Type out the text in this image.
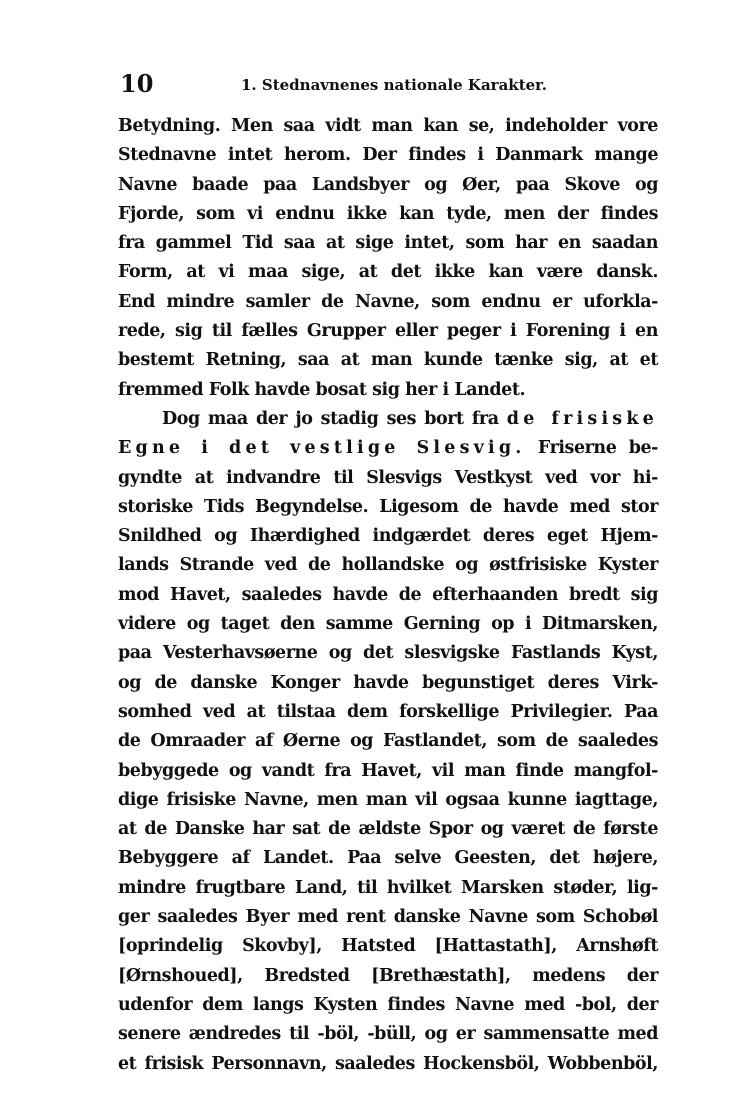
10	1. Stednavnenes nationale Karakter.
Betydning. Men saa vidt man kan se, indeholder vore
Stednavne intet herom. Der findes i Danmark mange
Navne baade paa Landsbyer og Øer, paa Skove og
Fjorde, som vi endnu ikke kan tyde, men der findes
fra gammel Tid saa at sige intet, som har en saadan
Form, at vi maa sige, at det ikke kan være dansk.
End mindre samler de Navne, som endnu er uforkla-
rede, sig til fælles Grupper eller peger i Forening i en
bestemt Retning, saa at man kunde tænke sig, at et
fremmed Folk havde bosat sig her i Landet.
Dog maa der jo stadig ses bort fra de frisiske
Egne i det vestlige Slesvig. Friserne be-
gyndte at indvandre til Slesvigs Vestkyst ved vor hi-
storiske Tids Begyndelse. Ligesom de havde med stor
Snildhed og Ihærdighed indgærdet deres eget Hjem-
lands Strande ved de hollandske og østfrisiske Kyster
mod Havet, saaledes havde de efterhaanden bredt sig
videre og taget den samme Gerning op i Ditmarsken,
paa Vesterhavsøerne og det slesvigske Fastlands Kyst,
og de danske Konger havde begunstiget deres Virk-
somhed ved at tilstaa dem forskellige Privilegier. Paa
de Omraader af Øerne og Fastlandet, som de saaledes
bebyggede og vandt fra Havet, vil man finde mangfol-
dige frisiske Navne, men man vil ogsaa kunne iagttage,
at de Danske har sat de ældste Spor og været de første
Bebyggere af Landet. Paa selve Geesten, det højere,
mindre frugtbare Land, til hvilket Marsken støder, lig-
ger saaledes Byer med rent danske Navne som Schobøl
[oprindelig Skovby], Hatsted [Hattastath], Arnshøft
[Ørnshoued], Bredsted [Brethæstath], medens der
udenfor dem langs Kysten findes Navne med -bol, der
senere ændredes til -böl, -büll, og er sammensatte med
et frisisk Personnavn, saaledes Hockensböl, Wobbenböl,
